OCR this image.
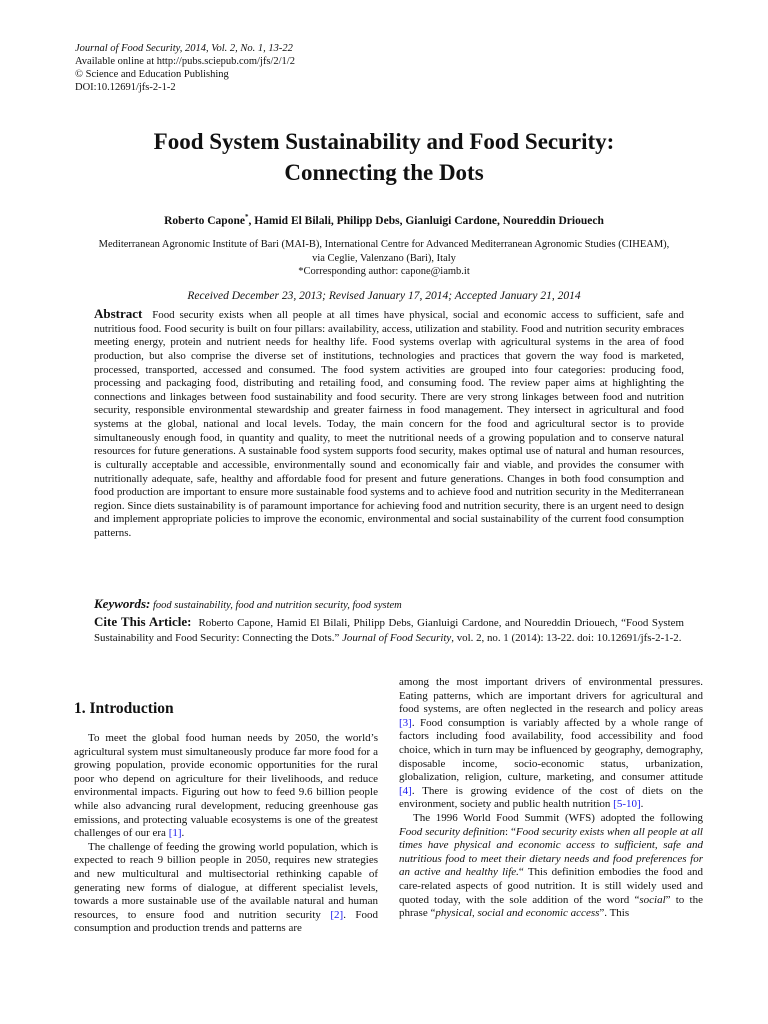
Journal of Food Security, 2014, Vol. 2, No. 1, 13-22
Available online at http://pubs.sciepub.com/jfs/2/1/2
© Science and Education Publishing
DOI:10.12691/jfs-2-1-2
Food System Sustainability and Food Security:
Connecting the Dots
Roberto Capone*, Hamid El Bilali, Philipp Debs, Gianluigi Cardone, Noureddin Driouech
Mediterranean Agronomic Institute of Bari (MAI-B), International Centre for Advanced Mediterranean Agronomic Studies (CIHEAM),
via Ceglie, Valenzano (Bari), Italy
*Corresponding author: capone@iamb.it
Received December 23, 2013; Revised January 17, 2014; Accepted January 21, 2014
Abstract Food security exists when all people at all times have physical, social and economic access to sufficient, safe and nutritious food. Food security is built on four pillars: availability, access, utilization and stability. Food and nutrition security embraces meeting energy, protein and nutrient needs for healthy life. Food systems overlap with agricultural systems in the area of food production, but also comprise the diverse set of institutions, technologies and practices that govern the way food is marketed, processed, transported, accessed and consumed. The food system activities are grouped into four categories: producing food, processing and packaging food, distributing and retailing food, and consuming food. The review paper aims at highlighting the connections and linkages between food sustainability and food security. There are very strong linkages between food and nutrition security, responsible environmental stewardship and greater fairness in food management. They intersect in agricultural and food systems at the global, national and local levels. Today, the main concern for the food and agricultural sector is to provide simultaneously enough food, in quantity and quality, to meet the nutritional needs of a growing population and to conserve natural resources for future generations. A sustainable food system supports food security, makes optimal use of natural and human resources, is culturally acceptable and accessible, environmentally sound and economically fair and viable, and provides the consumer with nutritionally adequate, safe, healthy and affordable food for present and future generations. Changes in both food consumption and food production are important to ensure more sustainable food systems and to achieve food and nutrition security in the Mediterranean region. Since diets sustainability is of paramount importance for achieving food and nutrition security, there is an urgent need to design and implement appropriate policies to improve the economic, environmental and social sustainability of the current food consumption patterns.
Keywords: food sustainability, food and nutrition security, food system
Cite This Article: Roberto Capone, Hamid El Bilali, Philipp Debs, Gianluigi Cardone, and Noureddin Driouech, “Food System Sustainability and Food Security: Connecting the Dots.” Journal of Food Security, vol. 2, no. 1 (2014): 13-22. doi: 10.12691/jfs-2-1-2.
1. Introduction

To meet the global food human needs by 2050, the world’s agricultural system must simultaneously produce far more food for a growing population, provide economic opportunities for the rural poor who depend on agriculture for their livelihoods, and reduce environmental impacts. Figuring out how to feed 9.6 billion people while also advancing rural development, reducing greenhouse gas emissions, and protecting valuable ecosystems is one of the greatest challenges of our era [1].

The challenge of feeding the growing world population, which is expected to reach 9 billion people in 2050, requires new strategies and new multicultural and multisectorial rethinking capable of generating new forms of dialogue, at different specialist levels, towards a more sustainable use of the available natural and human resources, to ensure food and nutrition security [2]. Food consumption and production trends and patterns are

among the most important drivers of environmental pressures. Eating patterns, which are important drivers for agricultural and food systems, are often neglected in the research and policy areas [3]. Food consumption is variably affected by a whole range of factors including food availability, food accessibility and food choice, which in turn may be influenced by geography, demography, disposable income, socio-economic status, urbanization, globalization, religion, culture, marketing, and consumer attitude [4]. There is growing evidence of the cost of diets on the environment, society and public health nutrition [5-10].

The 1996 World Food Summit (WFS) adopted the following Food security definition: “Food security exists when all people at all times have physical and economic access to sufficient, safe and nutritious food to meet their dietary needs and food preferences for an active and healthy life.“ This definition embodies the food and care-related aspects of good nutrition. It is still widely used and quoted today, with the sole addition of the word “social” to the phrase “physical, social and economic access”. This
